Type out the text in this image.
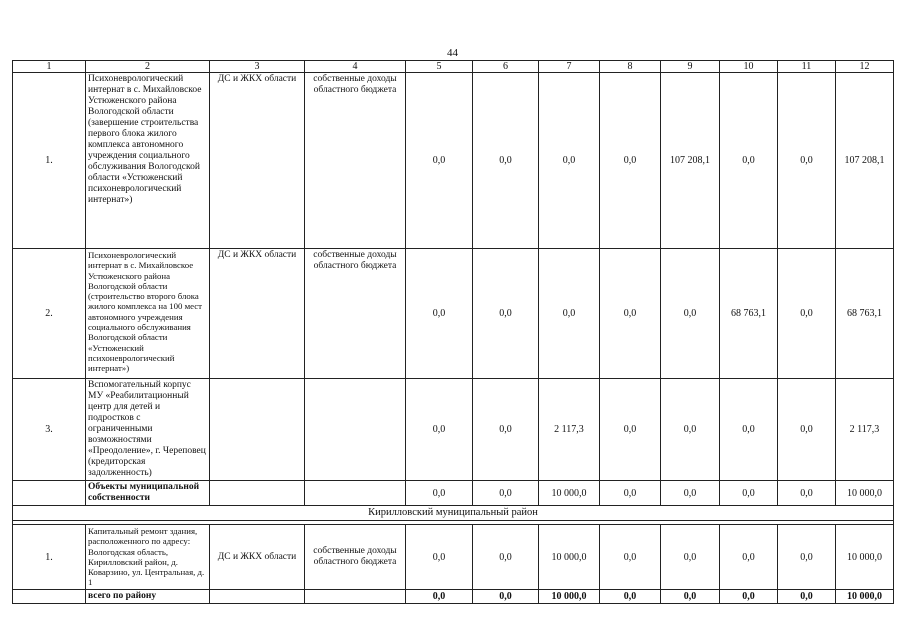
44
1	2	3	4	5	6	7	8	9	10	11	12
1.	Психоневрологический интернат в с. Михайловское Устюженского района Вологодской области (завершение строительства первого блока жилого комплекса автономного учреждения социального обслуживания Вологодской области «Устюженский психоневрологический интернат»)	ДС и ЖКХ области	собственные доходы областного бюджета	0,0	0,0	0,0	0,0	107 208,1	0,0	0,0	107 208,1
2.	Психоневрологический интернат в с. Михайловское Устюженского района Вологодской области (строительство второго блока жилого комплекса на 100 мест автономного учреждения социального обслуживания Вологодской области «Устюженский психоневрологический интернат»)	ДС и ЖКХ области	собственные доходы областного бюджета	0,0	0,0	0,0	0,0	0,0	68 763,1	0,0	68 763,1
3.	Вспомогательный корпус МУ «Реабилитационный центр для детей и подростков с ограниченными возможностями «Преодоление», г. Череповец (кредиторская задолженность)			0,0	0,0	2 117,3	0,0	0,0	0,0	0,0	2 117,3
	Объекты муниципальной собственности			0,0	0,0	10 000,0	0,0	0,0	0,0	0,0	10 000,0
Кирилловский муниципальный район											

1.	Капитальный ремонт здания, расположенного по адресу: Вологодская область, Кирилловский район, д. Коварзино, ул. Центральная, д. 1	ДС и ЖКХ области	собственные доходы областного бюджета	0,0	0,0	10 000,0	0,0	0,0	0,0	0,0	10 000,0
	всего по району			0,0	0,0	10 000,0	0,0	0,0	0,0	0,0	10 000,0
